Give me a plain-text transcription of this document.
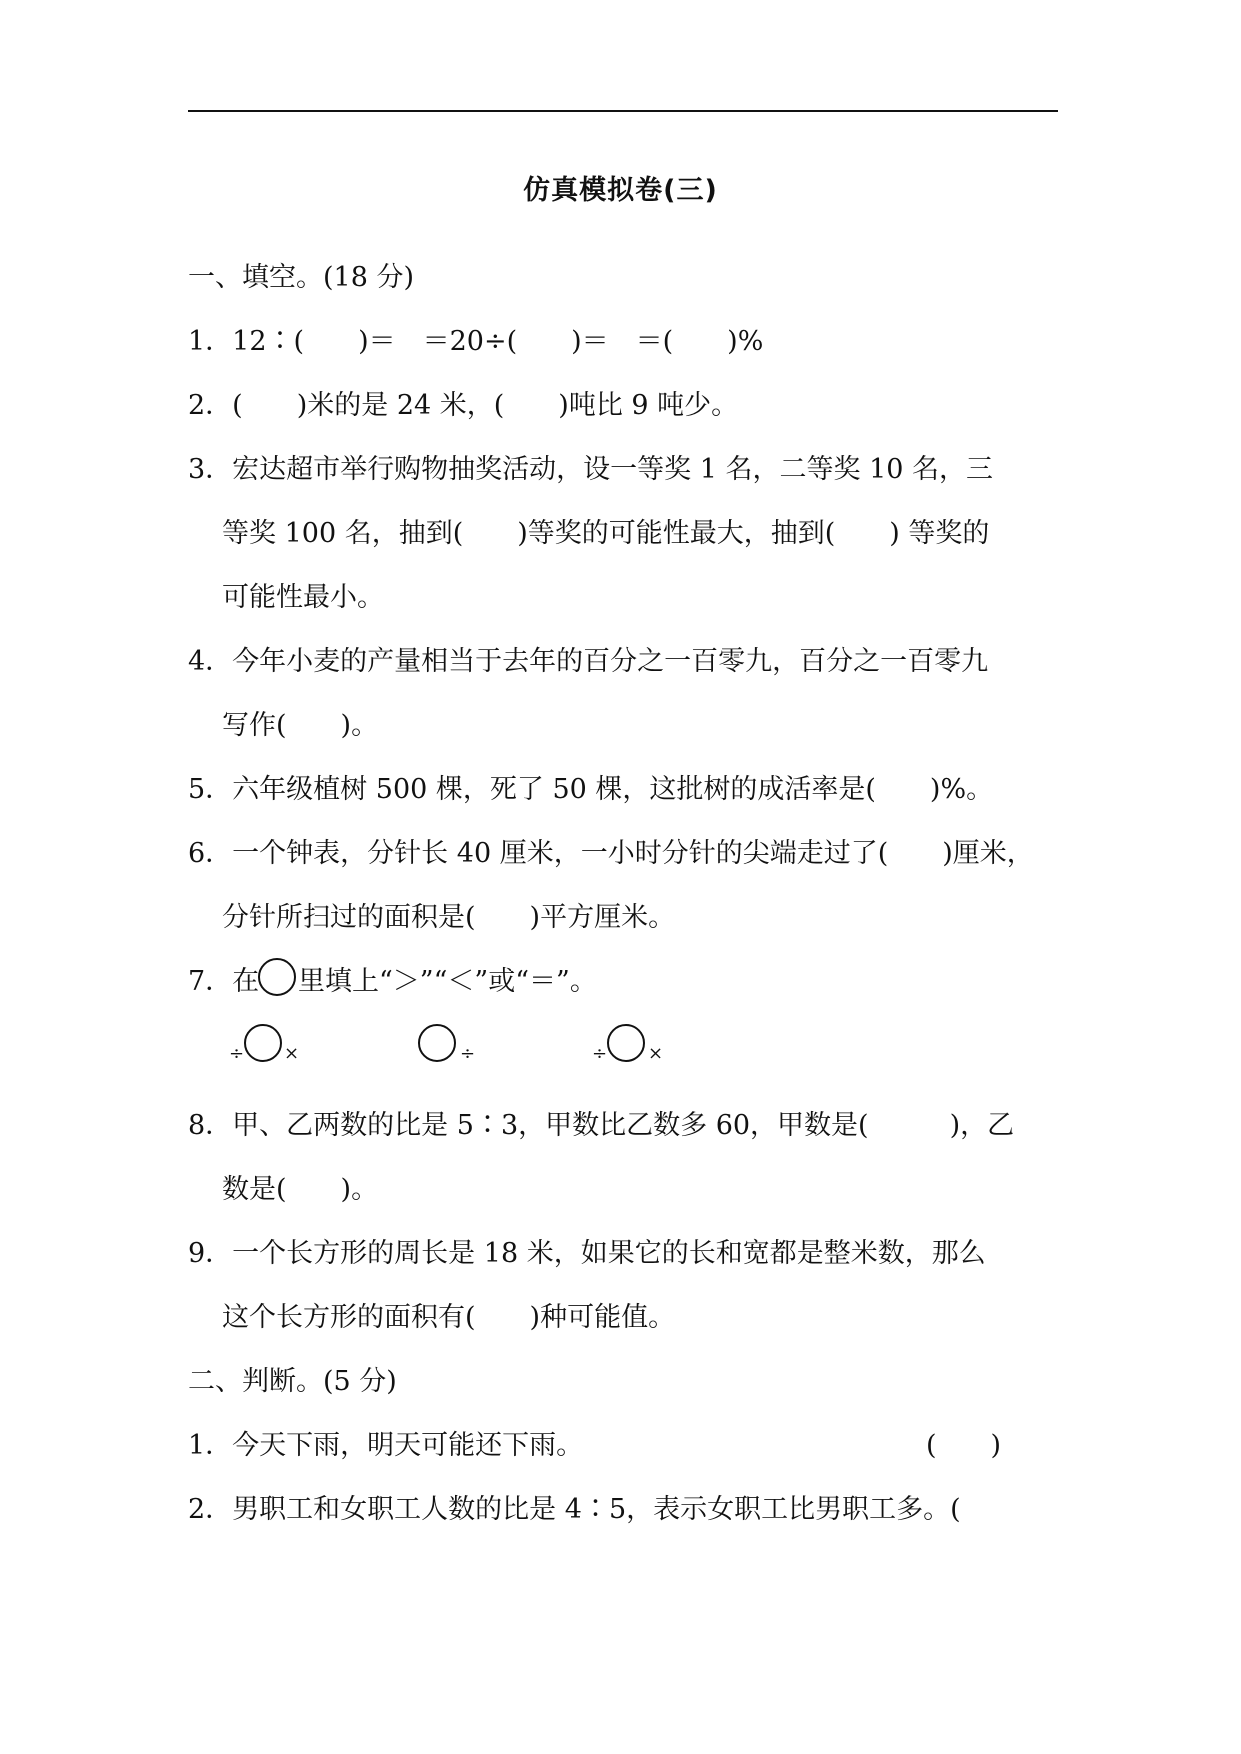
仿真模拟卷(三)
一、填空。(18 分)
1．12∶(　　)＝　＝20÷(　　)＝　＝(　　)%
2．(　　)米的是 24 米，(　　)吨比 9 吨少。
3．宏达超市举行购物抽奖活动，设一等奖 1 名，二等奖 10 名，三
等奖 100 名，抽到(　　)等奖的可能性最大，抽到(　　) 等奖的
可能性最小。
4．今年小麦的产量相当于去年的百分之一百零九，百分之一百零九
写作(　　)。
5．六年级植树 500 棵，死了 50 棵，这批树的成活率是(　　)%。
6．一个钟表，分针长 40 厘米，一小时分针的尖端走过了(　　)厘米，
分针所扫过的面积是(　　)平方厘米。
7．在 里填上“＞”“＜”或“＝”。
÷ ×	÷	÷ ×
8．甲、乙两数的比是 5∶3，甲数比乙数多 60，甲数是(　　　)，乙
数是(　　)。
9．一个长方形的周长是 18 米，如果它的长和宽都是整米数，那么
这个长方形的面积有(　　)种可能值。
二、判断。(5 分)
1．今天下雨，明天可能还下雨。	(　　)
2．男职工和女职工人数的比是 4∶5，表示女职工比男职工多。(
